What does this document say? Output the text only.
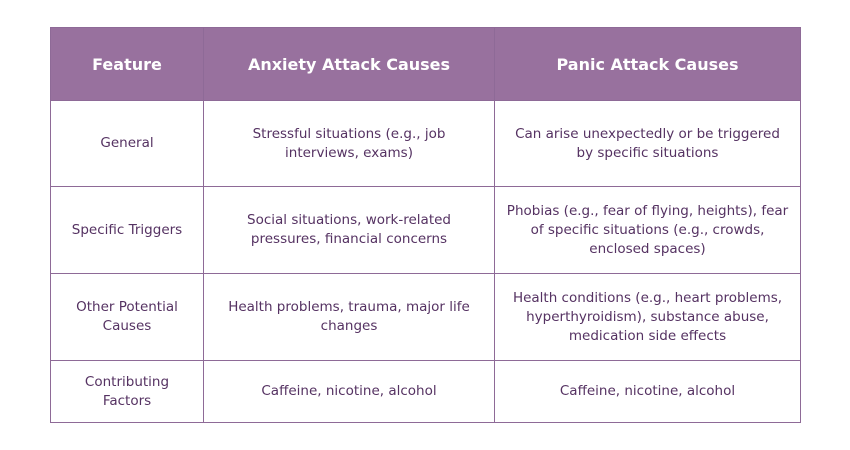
Feature	Anxiety Attack Causes	Panic Attack Causes
General	Stressful situations (e.g., job interviews, exams)	Can arise unexpectedly or be triggered by specific situations
Specific Triggers	Social situations, work-related pressures, financial concerns	Phobias (e.g., fear of flying, heights), fear of specific situations (e.g., crowds, enclosed spaces)
Other Potential Causes	Health problems, trauma, major life changes	Health conditions (e.g., heart problems, hyperthyroidism), substance abuse, medication side effects
Contributing Factors	Caffeine, nicotine, alcohol	Caffeine, nicotine, alcohol
